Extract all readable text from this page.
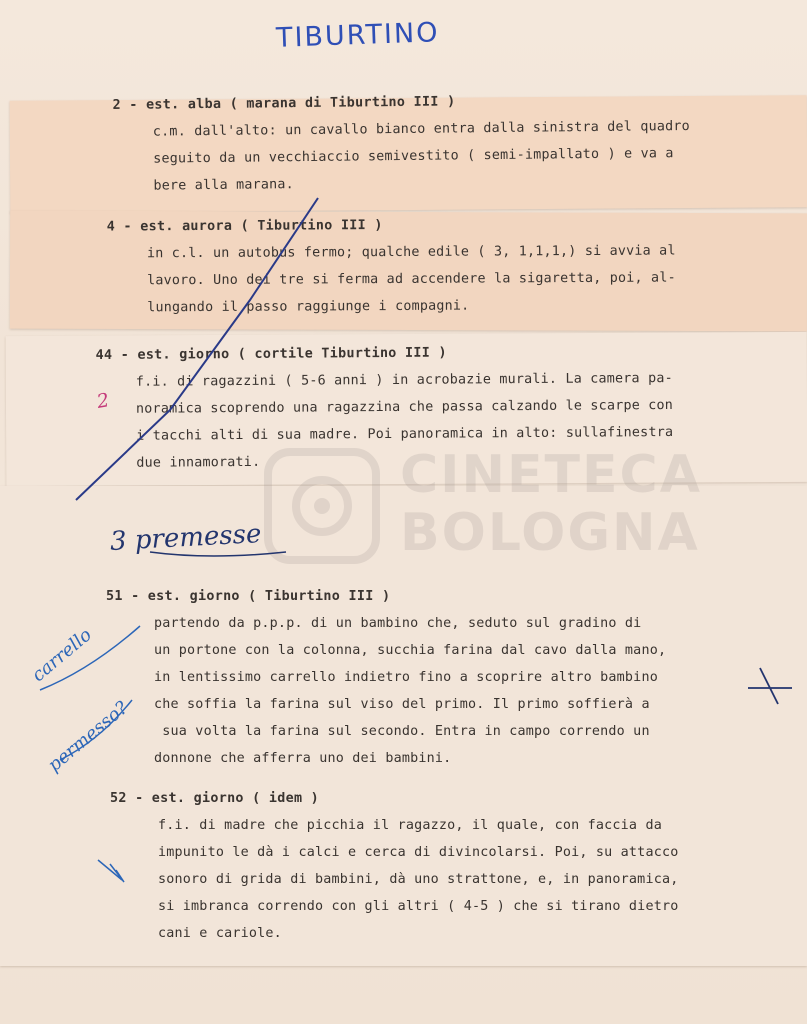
CINETECA
BOLOGNA
TIBURTINO
2 - est. alba ( marana di Tiburtino III )
c.m. dall'alto: un cavallo bianco entra dalla sinistra del quadro
seguito da un vecchiaccio semivestito ( semi-impallato ) e va a
bere alla marana.
4 - est. aurora ( Tiburtino III )
in c.l. un autobus fermo; qualche edile ( 3, 1,1,1,) si avvia al
lavoro. Uno dei tre si ferma ad accendere la sigaretta, poi, al-
lungando il passo raggiunge i compagni.
44 - est. giorno ( cortile Tiburtino III )
f.i. di ragazzini ( 5-6 anni ) in acrobazie murali. La camera pa-
noramica scoprendo una ragazzina che passa calzando le scarpe con
i tacchi alti di sua madre. Poi panoramica in alto: sullafinestra
due innamorati.
51 - est. giorno ( Tiburtino III )
partendo da p.p.p. di un bambino che, seduto sul gradino di
un portone con la colonna, succhia farina dal cavo dalla mano,
in lentissimo carrello indietro fino a scoprire altro bambino
che soffia la farina sul viso del primo. Il primo soffierà a
sua volta la farina sul secondo. Entra in campo correndo un
donnone che afferra uno dei bambini.
52 - est. giorno ( idem )
f.i. di madre che picchia il ragazzo, il quale, con faccia da
impunito le dà i calci e cerca di divincolarsi. Poi, su attacco
sonoro di grida di bambini, dà uno strattone, e, in panoramica,
si imbranca correndo con gli altri ( 4-5 ) che si tirano dietro
cani e cariole.
3 premesse
2
carrello
permesso?
